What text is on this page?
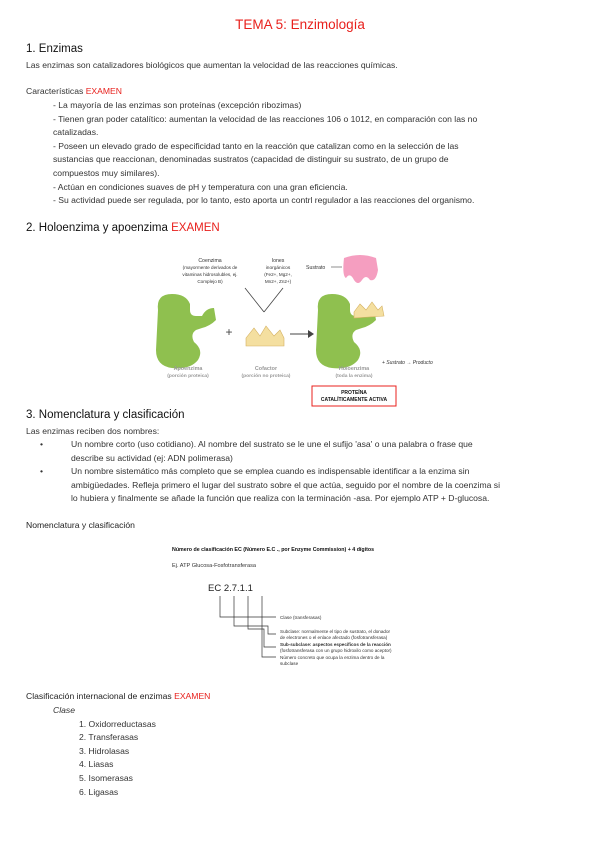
TEMA 5: Enzimología
1. Enzimas
Las enzimas son catalizadores biológicos que aumentan la velocidad de las reacciones químicas.
Características EXAMEN
- La mayoría de las enzimas son proteínas (excepción ribozimas)
- Tienen gran poder catalítico: aumentan la velocidad de las reacciones 106 o 1012, en comparación con las no
catalizadas.
- Poseen un elevado grado de especificidad tanto en la reacción que catalizan como en la selección de las
sustancias que reaccionan, denominadas sustratos (capacidad de distinguir su sustrato, de un grupo de
compuestos muy similares).
- Actúan en condiciones suaves de pH y temperatura con una gran eficiencia.
- Su actividad puede ser regulada, por lo tanto, esto aporta un contrl regulador a las reacciones del organismo.
2. Holoenzima y apoenzima EXAMEN
Coenzima
(mayormente derivados de
vitaminas hidrosolubles, ej.
Complejo B)
Iones
inorgánicos
(Fe2+, Mg2+,
Mn2+, Zn2+)
+
Sustrato
+ Sustrato → Producto
Apoenzima
(porción proteica)
Cofactor
(porción no proteica)
Holoenzima
(toda la enzima)
PROTEÍNA
CATALÍTICAMENTE ACTIVA
3. Nomenclatura y clasificación
Las enzimas reciben dos nombres:
•	Un nombre corto (uso cotidiano). Al nombre del sustrato se le une el sufijo 'asa' o una palabra o frase que
describe su actividad (ej: ADN polimerasa)
•	Un nombre sistemático más completo que se emplea cuando es indispensable identificar a la enzima sin
ambigüedades. Refleja primero el lugar del sustrato sobre el que actúa, seguido por el nombre de la coenzima si
lo hubiera y finalmente se añade la función que realiza con la terminación -asa. Por ejemplo ATP + D-glucosa.
Nomenclatura y clasificación
Número de clasificación EC (Número E.C ., por Enzyme Commission) + 4 dígitos
Ej. ATP Glucosa-Fosfotransferasa
EC 2.7.1.1
Clase (transferasas)
Subclase: normalmente el tipo de sustrato, el donador
de electrones o el enlace afectado (fosfotransferasa)
Sub-subclase: aspectos específicos de la reacción
(fosfotransferasa con un grupo hidroxilo como aceptor)
Número concreto que ocupa la enzima dentro de la
subclase
Clasificación internacional de enzimas EXAMEN
Clase
1. Oxidorreductasas
2. Transferasas
3. Hidrolasas
4. Liasas
5. Isomerasas
6. Ligasas
